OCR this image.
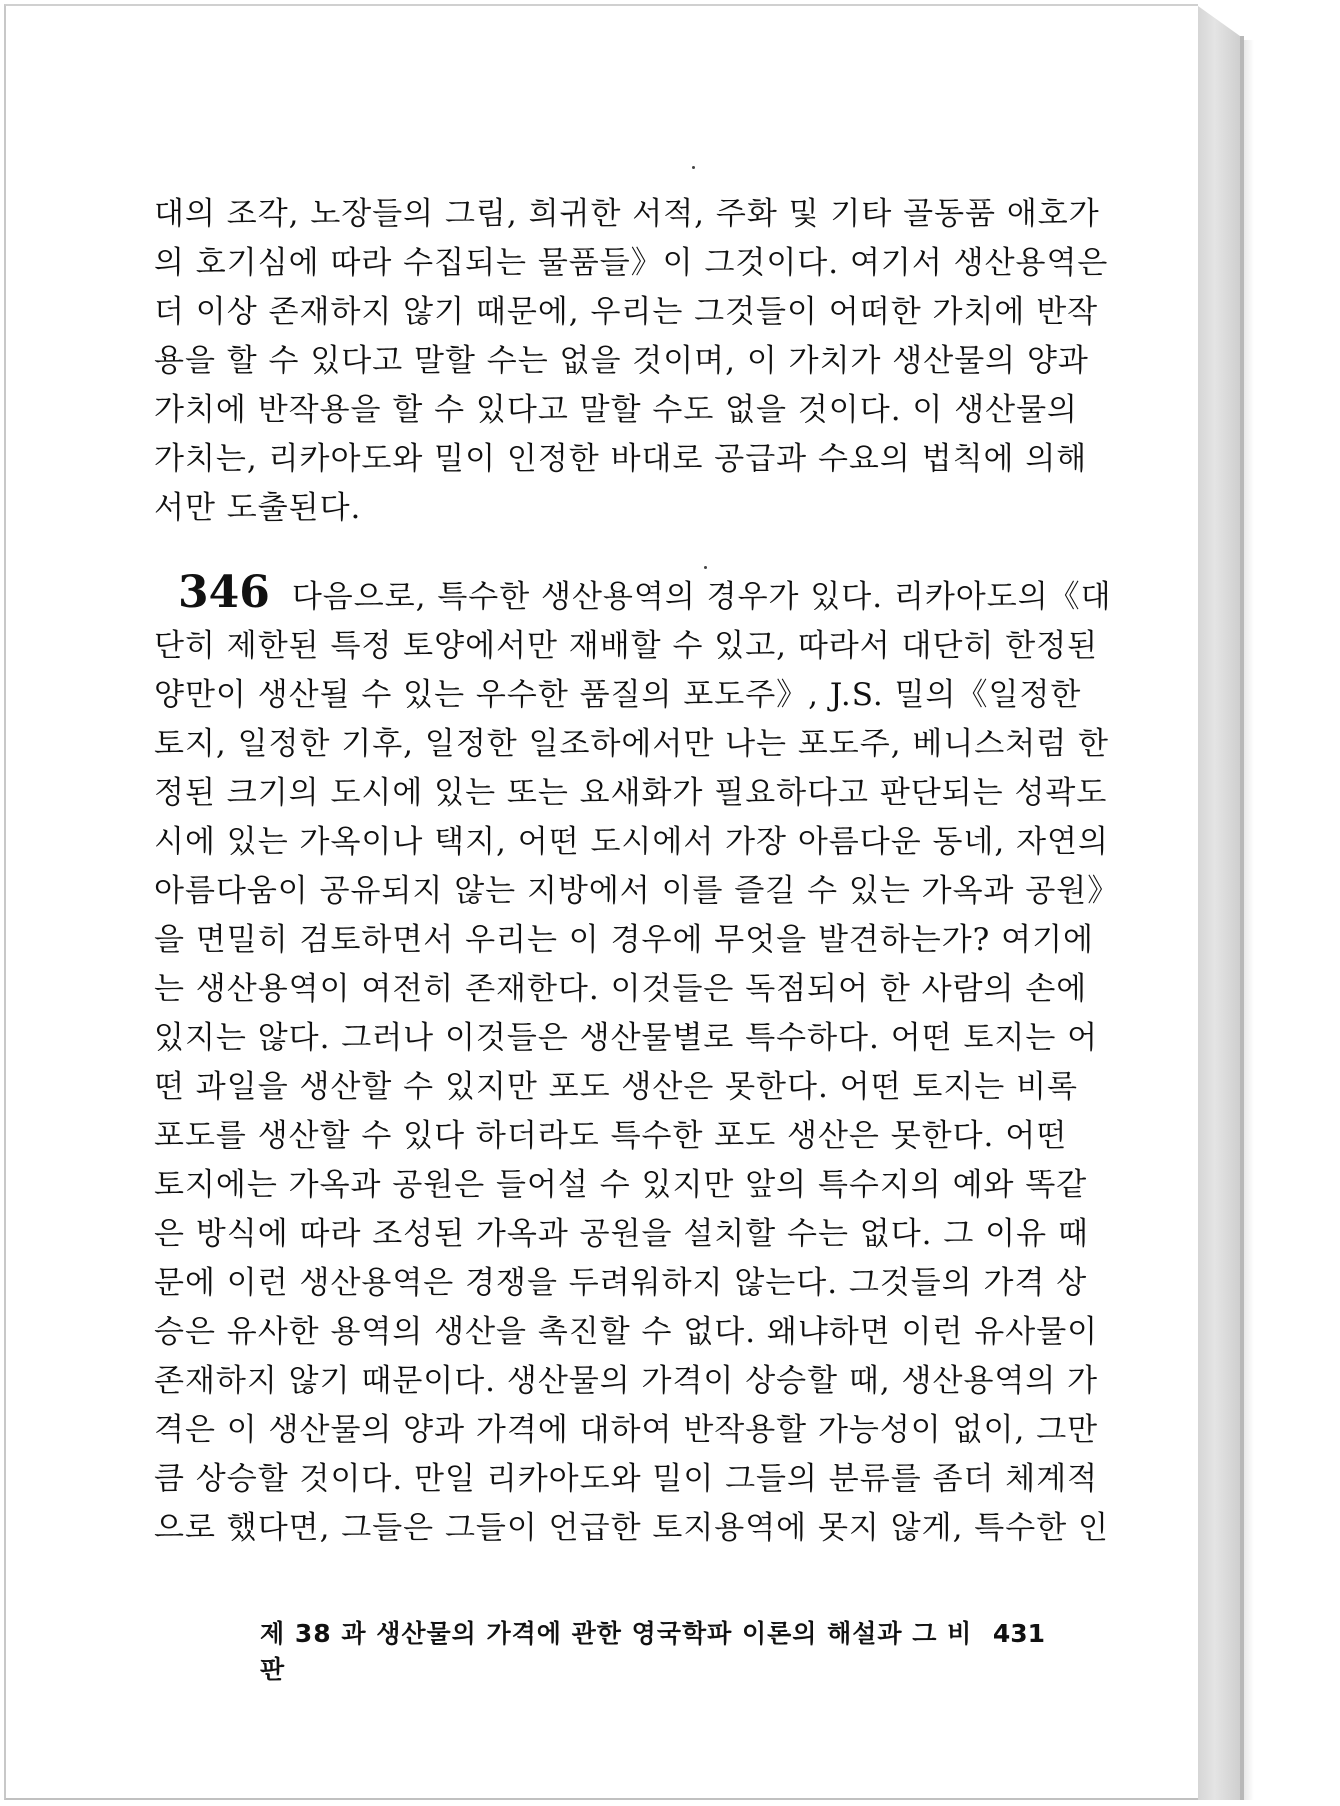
대의 조각, 노장들의 그림, 희귀한 서적, 주화 및 기타 골동품 애호가
의 호기심에 따라 수집되는 물품들》이 그것이다. 여기서 생산용역은
더 이상 존재하지 않기 때문에, 우리는 그것들이 어떠한 가치에 반작
용을 할 수 있다고 말할 수는 없을 것이며, 이 가치가 생산물의 양과
가치에 반작용을 할 수 있다고 말할 수도 없을 것이다. 이 생산물의
가치는, 리카아도와 밀이 인정한 바대로 공급과 수요의 법칙에 의해
서만 도출된다.
346 다음으로, 특수한 생산용역의 경우가 있다. 리카아도의《대
단히 제한된 특정 토양에서만 재배할 수 있고, 따라서 대단히 한정된
양만이 생산될 수 있는 우수한 품질의 포도주》, J.S. 밀의《일정한
토지, 일정한 기후, 일정한 일조하에서만 나는 포도주, 베니스처럼 한
정된 크기의 도시에 있는 또는 요새화가 필요하다고 판단되는 성곽도
시에 있는 가옥이나 택지, 어떤 도시에서 가장 아름다운 동네, 자연의
아름다움이 공유되지 않는 지방에서 이를 즐길 수 있는 가옥과 공원》
을 면밀히 검토하면서 우리는 이 경우에 무엇을 발견하는가? 여기에
는 생산용역이 여전히 존재한다. 이것들은 독점되어 한 사람의 손에
있지는 않다. 그러나 이것들은 생산물별로 특수하다. 어떤 토지는 어
떤 과일을 생산할 수 있지만 포도 생산은 못한다. 어떤 토지는 비록
포도를 생산할 수 있다 하더라도 특수한 포도 생산은 못한다. 어떤
토지에는 가옥과 공원은 들어설 수 있지만 앞의 특수지의 예와 똑같
은 방식에 따라 조성된 가옥과 공원을 설치할 수는 없다. 그 이유 때
문에 이런 생산용역은 경쟁을 두려워하지 않는다. 그것들의 가격 상
승은 유사한 용역의 생산을 촉진할 수 없다. 왜냐하면 이런 유사물이
존재하지 않기 때문이다. 생산물의 가격이 상승할 때, 생산용역의 가
격은 이 생산물의 양과 가격에 대하여 반작용할 가능성이 없이, 그만
큼 상승할 것이다. 만일 리카아도와 밀이 그들의 분류를 좀더 체계적
으로 했다면, 그들은 그들이 언급한 토지용역에 못지 않게, 특수한 인
제 38 과 생산물의 가격에 관한 영국학파 이론의 해설과 그 비판
431
